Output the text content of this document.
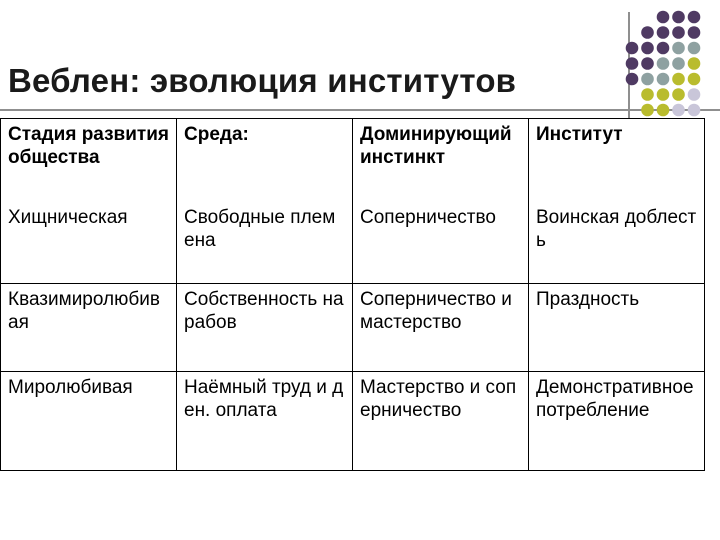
Веблен: эволюция институтов
Стадия развития общества	Среда:	Доминирующий инстинкт	Институт
Хищническая	Свободные племена	Соперничество	Воинская доблесть
Квазимиролюбивая	Собственность на рабов	Соперничество и мастерство	Праздность
Миролюбивая	Наёмный труд и ден. оплата	Мастерство и соперничество	Демонстративное потребление
